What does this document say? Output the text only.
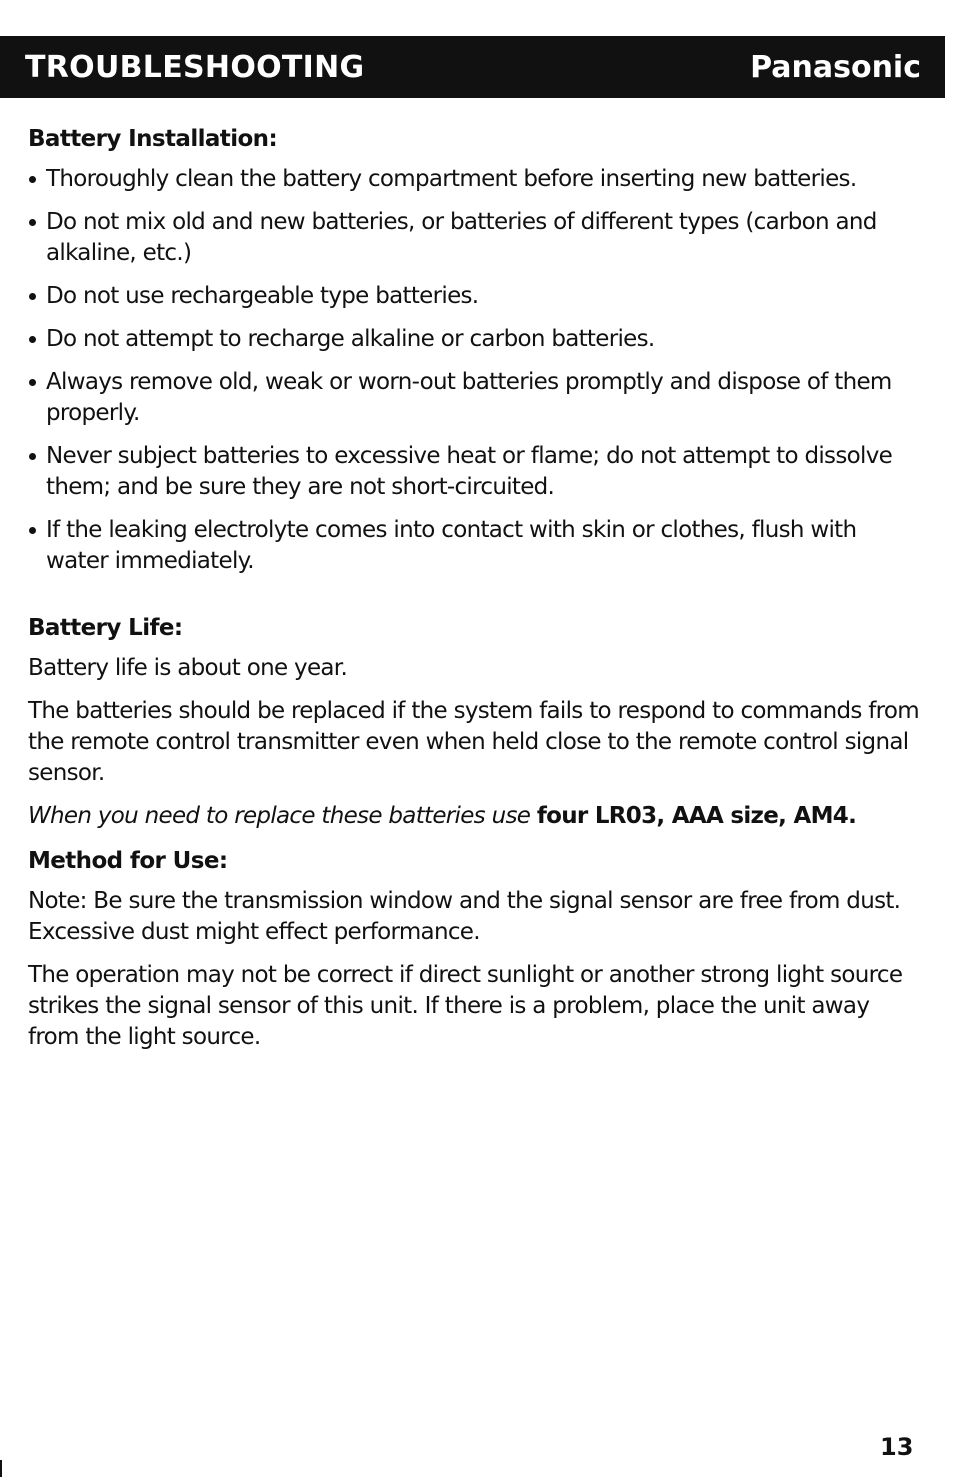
TROUBLESHOOTING	Panasonic
Battery Installation:
Thoroughly clean the battery compartment before inserting new batteries.
Do not mix old and new batteries, or batteries of different types (carbon and alkaline, etc.)
Do not use rechargeable type batteries.
Do not attempt to recharge alkaline or carbon batteries.
Always remove old, weak or worn-out batteries promptly and dispose of them properly.
Never subject batteries to excessive heat or flame; do not attempt to dissolve them; and be sure they are not short-circuited.
If the leaking electrolyte comes into contact with skin or clothes, flush with water immediately.
Battery Life:

Battery life is about one year.

The batteries should be replaced if the system fails to respond to commands from the remote control transmitter even when held close to the remote control signal sensor.

When you need to replace these batteries use four LR03, AAA size, AM4.

Method for Use:

Note: Be sure the transmission window and the signal sensor are free from dust. Excessive dust might effect performance.

The operation may not be correct if direct sunlight or another strong light source strikes the signal sensor of this unit. If there is a problem, place the unit away from the light source.

13
